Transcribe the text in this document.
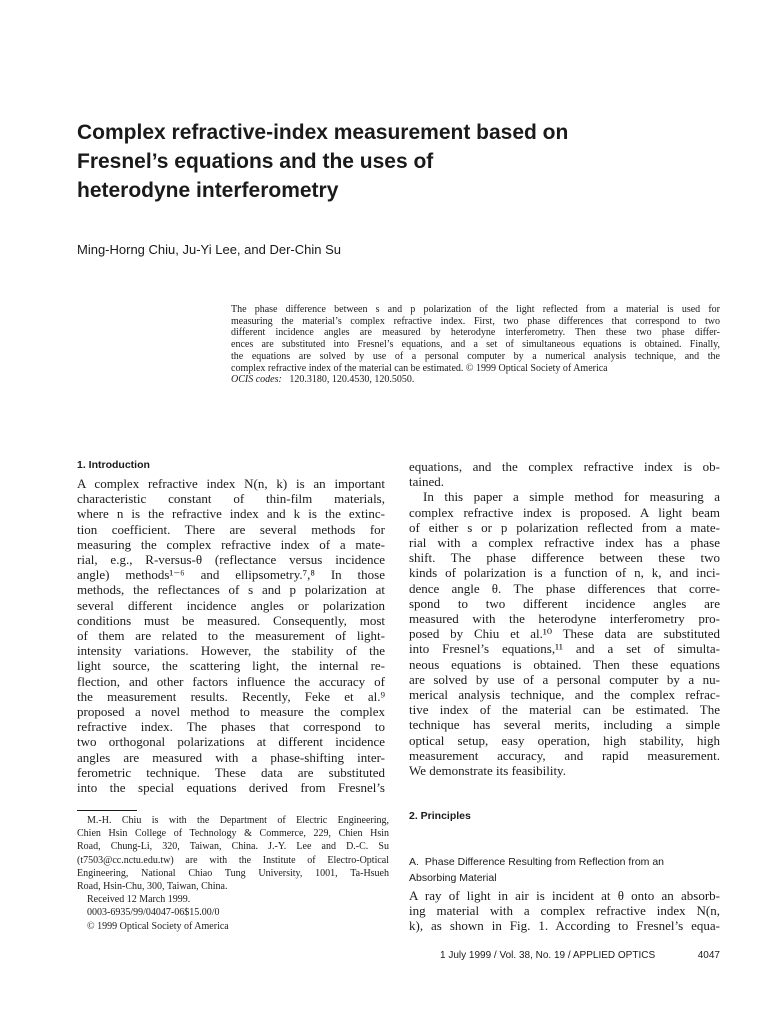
Complex refractive-index measurement based on
Fresnel’s equations and the uses of
heterodyne interferometry

Ming-Horng Chiu, Ju-Yi Lee, and Der-Chin Su

The phase difference between s and p polarization of the light reflected from a material is used for
measuring the material’s complex refractive index. First, two phase differences that correspond to two
different incidence angles are measured by heterodyne interferometry. Then these two phase differ-
ences are substituted into Fresnel’s equations, and a set of simultaneous equations is obtained. Finally,
the equations are solved by use of a personal computer by a numerical analysis technique, and the
complex refractive index of the material can be estimated. © 1999 Optical Society of America

OCIS codes: 120.3180, 120.4530, 120.5050.

1. Introduction

A complex refractive index N(n, k) is an important
characteristic constant of thin-film materials,
where n is the refractive index and k is the extinc-
tion coefficient. There are several methods for
measuring the complex refractive index of a mate-
rial, e.g., R-versus-θ (reflectance versus incidence
angle) methods¹⁻⁶ and ellipsometry.⁷,⁸ In those
methods, the reflectances of s and p polarization at
several different incidence angles or polarization
conditions must be measured. Consequently, most
of them are related to the measurement of light-
intensity variations. However, the stability of the
light source, the scattering light, the internal re-
flection, and other factors influence the accuracy of
the measurement results. Recently, Feke et al.⁹
proposed a novel method to measure the complex
refractive index. The phases that correspond to
two orthogonal polarizations at different incidence
angles are measured with a phase-shifting inter-
ferometric technique. These data are substituted
into the special equations derived from Fresnel’s

equations, and the complex refractive index is ob-
tained.

In this paper a simple method for measuring a
complex refractive index is proposed. A light beam
of either s or p polarization reflected from a mate-
rial with a complex refractive index has a phase
shift. The phase difference between these two
kinds of polarization is a function of n, k, and inci-
dence angle θ. The phase differences that corre-
spond to two different incidence angles are
measured with the heterodyne interferometry pro-
posed by Chiu et al.¹⁰ These data are substituted
into Fresnel’s equations,¹¹ and a set of simulta-
neous equations is obtained. Then these equations
are solved by use of a personal computer by a nu-
merical analysis technique, and the complex refrac-
tive index of the material can be estimated. The
technique has several merits, including a simple
optical setup, easy operation, high stability, high
measurement accuracy, and rapid measurement.
We demonstrate its feasibility.

M.-H. Chiu is with the Department of Electric Engineering,
Chien Hsin College of Technology & Commerce, 229, Chien Hsin
Road, Chung-Li, 320, Taiwan, China. J.-Y. Lee and D.-C. Su
(t7503@cc.nctu.edu.tw) are with the Institute of Electro-Optical
Engineering, National Chiao Tung University, 1001, Ta-Hsueh
Road, Hsin-Chu, 300, Taiwan, China.
Received 12 March 1999.
0003-6935/99/04047-06$15.00/0
© 1999 Optical Society of America
2. Principles
A. Phase Difference Resulting from Reflection from an
Absorbing Material

A ray of light in air is incident at θ onto an absorb-
ing material with a complex refractive index N(n,
k), as shown in Fig. 1. According to Fresnel’s equa-

1 July 1999 / Vol. 38, No. 19 / APPLIED OPTICS	4047
